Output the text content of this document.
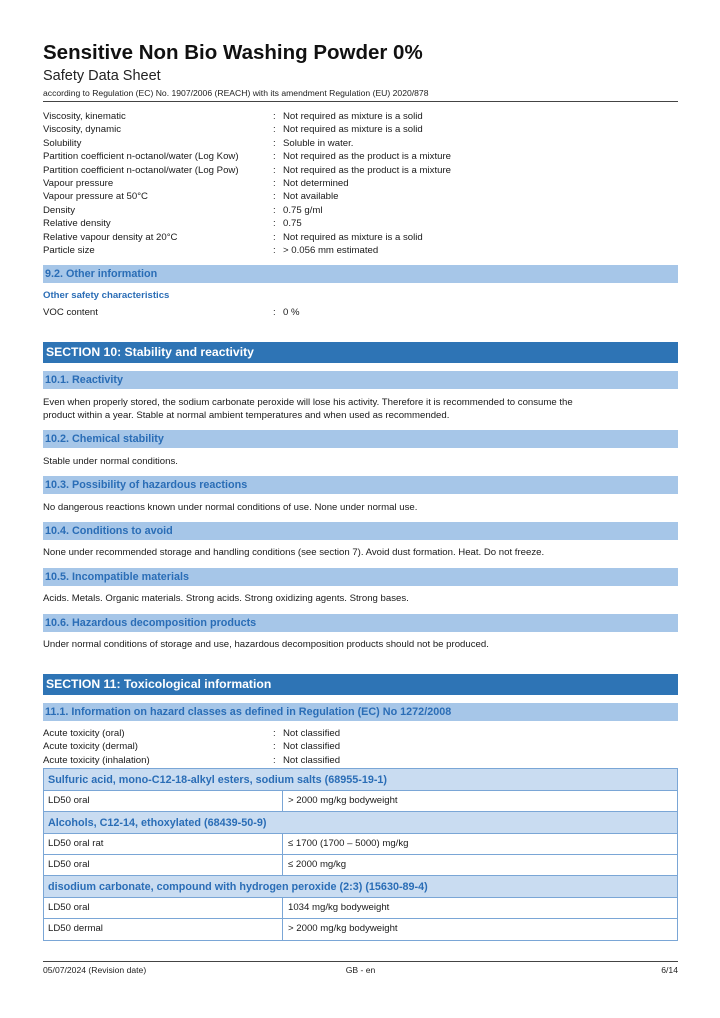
Sensitive Non Bio Washing Powder 0%
Safety Data Sheet
according to Regulation (EC) No. 1907/2006 (REACH) with its amendment Regulation (EU) 2020/878
Viscosity, kinematic	: Not required as mixture is a solid
Viscosity, dynamic	: Not required as mixture is a solid
Solubility	: Soluble in water.
Partition coefficient n-octanol/water (Log Kow)	: Not required as the product is a mixture
Partition coefficient n-octanol/water (Log Pow)	: Not required as the product is a mixture
Vapour pressure	: Not determined
Vapour pressure at 50°C	: Not available
Density	: 0.75 g/ml
Relative density	: 0.75
Relative vapour density at 20°C	: Not required as mixture is a solid
Particle size	: > 0.056 mm estimated
9.2. Other information
Other safety characteristics
VOC content	: 0 %
SECTION 10: Stability and reactivity
10.1. Reactivity
Even when properly stored, the sodium carbonate peroxide will lose his activity. Therefore it is recommended to consume the
product within a year. Stable at normal ambient temperatures and when used as recommended.
10.2. Chemical stability
Stable under normal conditions.
10.3. Possibility of hazardous reactions
No dangerous reactions known under normal conditions of use. None under normal use.
10.4. Conditions to avoid
None under recommended storage and handling conditions (see section 7). Avoid dust formation. Heat. Do not freeze.
10.5. Incompatible materials
Acids. Metals. Organic materials. Strong acids. Strong oxidizing agents. Strong bases.
10.6. Hazardous decomposition products
Under normal conditions of storage and use, hazardous decomposition products should not be produced.
SECTION 11: Toxicological information
11.1. Information on hazard classes as defined in Regulation (EC) No 1272/2008
Acute toxicity (oral)	: Not classified
Acute toxicity (dermal)	: Not classified
Acute toxicity (inhalation)	: Not classified
Sulfuric acid, mono-C12-18-alkyl esters, sodium salts (68955-19-1)
LD50 oral	> 2000 mg/kg bodyweight
Alcohols, C12-14, ethoxylated (68439-50-9)
LD50 oral rat	≤ 1700 (1700 – 5000) mg/kg
LD50 oral	≤ 2000 mg/kg
disodium carbonate, compound with hydrogen peroxide (2:3) (15630-89-4)
LD50 oral	1034 mg/kg bodyweight
LD50 dermal	> 2000 mg/kg bodyweight
05/07/2024 (Revision date)	GB - en	6/14
